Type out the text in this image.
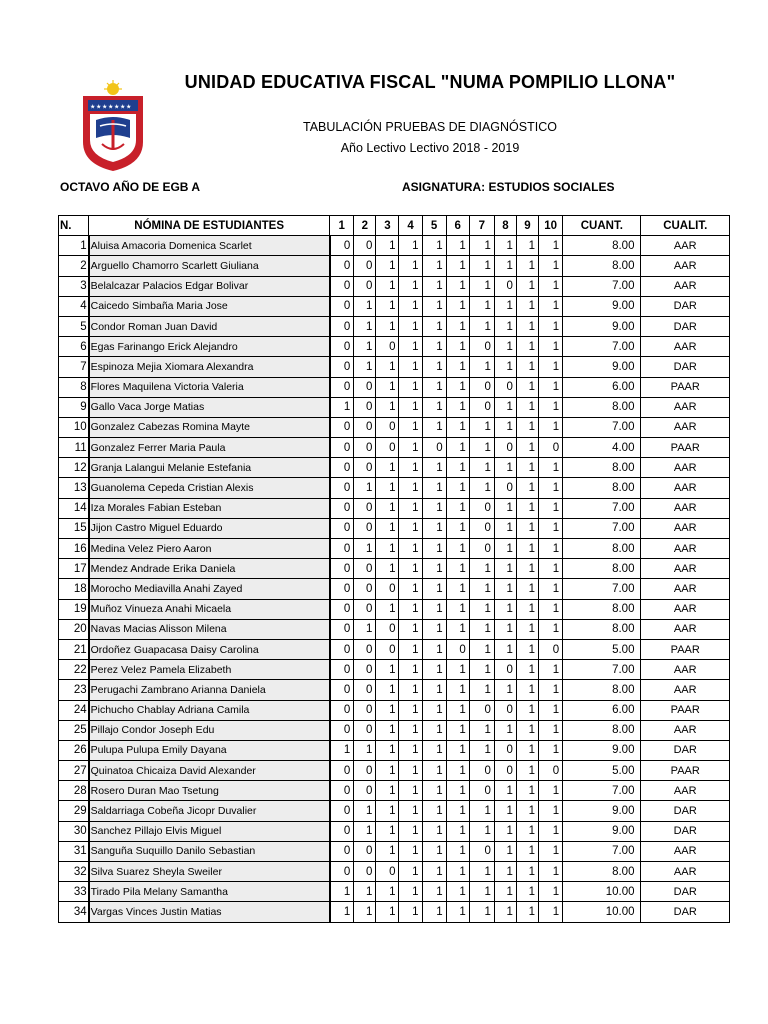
★ ★ ★ ★ ★ ★ ★
UNIDAD EDUCATIVA FISCAL "NUMA POMPILIO LLONA"
TABULACIÓN PRUEBAS DE DIAGNÓSTICO
Año Lectivo Lectivo 2018 - 2019
OCTAVO AÑO DE EGB A	ASIGNATURA: ESTUDIOS SOCIALES
N.	NÓMINA DE ESTUDIANTES	1	2	3	4	5	6	7	8	9	10	CUANT.	CUALIT.
1	Aluisa Amacoria Domenica Scarlet	0	0	1	1	1	1	1	1	1	1	8.00	AAR
2	Arguello Chamorro Scarlett Giuliana	0	0	1	1	1	1	1	1	1	1	8.00	AAR
3	Belalcazar Palacios Edgar Bolivar	0	0	1	1	1	1	1	0	1	1	7.00	AAR
4	Caicedo Simbaña Maria Jose	0	1	1	1	1	1	1	1	1	1	9.00	DAR
5	Condor Roman Juan David	0	1	1	1	1	1	1	1	1	1	9.00	DAR
6	Egas Farinango Erick Alejandro	0	1	0	1	1	1	0	1	1	1	7.00	AAR
7	Espinoza Mejia Xiomara Alexandra	0	1	1	1	1	1	1	1	1	1	9.00	DAR
8	Flores Maquilena Victoria Valeria	0	0	1	1	1	1	0	0	1	1	6.00	PAAR
9	Gallo Vaca Jorge Matias	1	0	1	1	1	1	0	1	1	1	8.00	AAR
10	Gonzalez Cabezas Romina Mayte	0	0	0	1	1	1	1	1	1	1	7.00	AAR
11	Gonzalez Ferrer Maria Paula	0	0	0	1	0	1	1	0	1	0	4.00	PAAR
12	Granja Lalangui Melanie Estefania	0	0	1	1	1	1	1	1	1	1	8.00	AAR
13	Guanolema Cepeda Cristian Alexis	0	1	1	1	1	1	1	0	1	1	8.00	AAR
14	Iza Morales Fabian Esteban	0	0	1	1	1	1	0	1	1	1	7.00	AAR
15	Jijon Castro Miguel Eduardo	0	0	1	1	1	1	0	1	1	1	7.00	AAR
16	Medina Velez Piero Aaron	0	1	1	1	1	1	0	1	1	1	8.00	AAR
17	Mendez Andrade Erika Daniela	0	0	1	1	1	1	1	1	1	1	8.00	AAR
18	Morocho Mediavilla Anahi Zayed	0	0	0	1	1	1	1	1	1	1	7.00	AAR
19	Muñoz Vinueza Anahi Micaela	0	0	1	1	1	1	1	1	1	1	8.00	AAR
20	Navas Macias Alisson Milena	0	1	0	1	1	1	1	1	1	1	8.00	AAR
21	Ordoñez Guapacasa Daisy Carolina	0	0	0	1	1	0	1	1	1	0	5.00	PAAR
22	Perez Velez Pamela Elizabeth	0	0	1	1	1	1	1	0	1	1	7.00	AAR
23	Perugachi Zambrano Arianna Daniela	0	0	1	1	1	1	1	1	1	1	8.00	AAR
24	Pichucho Chablay Adriana Camila	0	0	1	1	1	1	0	0	1	1	6.00	PAAR
25	Pillajo Condor Joseph Edu	0	0	1	1	1	1	1	1	1	1	8.00	AAR
26	Pulupa Pulupa Emily Dayana	1	1	1	1	1	1	1	0	1	1	9.00	DAR
27	Quinatoa Chicaiza David Alexander	0	0	1	1	1	1	0	0	1	0	5.00	PAAR
28	Rosero Duran Mao Tsetung	0	0	1	1	1	1	0	1	1	1	7.00	AAR
29	Saldarriaga Cobeña Jicopr Duvalier	0	1	1	1	1	1	1	1	1	1	9.00	DAR
30	Sanchez Pillajo Elvis Miguel	0	1	1	1	1	1	1	1	1	1	9.00	DAR
31	Sanguña Suquillo Danilo Sebastian	0	0	1	1	1	1	0	1	1	1	7.00	AAR
32	Silva Suarez Sheyla Sweiler	0	0	0	1	1	1	1	1	1	1	8.00	AAR
33	Tirado Pila Melany Samantha	1	1	1	1	1	1	1	1	1	1	10.00	DAR
34	Vargas Vinces Justin Matias	1	1	1	1	1	1	1	1	1	1	10.00	DAR
